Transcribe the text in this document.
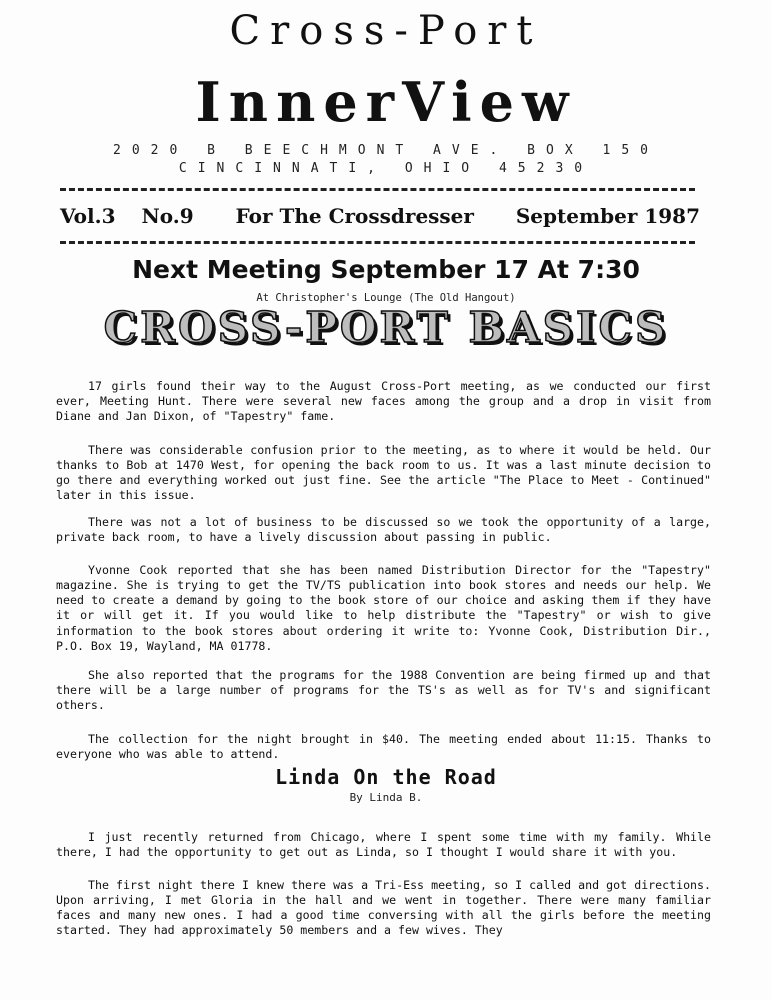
Cross-Port
InnerView
2020 B BEECHMONT AVE. BOX 150
CINCINNATI, OHIO 45230
Vol.3 No.9 For The Crossdresser September 1987
Next Meeting September 17 At 7:30
At Christopher's Lounge (The Old Hangout)
CROSS-PORT BASICS

17 girls found their way to the August Cross-Port meeting, as we conducted our first ever, Meeting Hunt. There were several new faces among the group and a drop in visit from Diane and Jan Dixon, of "Tapestry" fame.

There was considerable confusion prior to the meeting, as to where it would be held. Our thanks to Bob at 1470 West, for opening the back room to us. It was a last minute decision to go there and everything worked out just fine. See the article "The Place to Meet - Continued" later in this issue.

There was not a lot of business to be discussed so we took the opportunity of a large, private back room, to have a lively discussion about passing in public.

Yvonne Cook reported that she has been named Distribution Director for the "Tapestry" magazine. She is trying to get the TV/TS publication into book stores and needs our help. We need to create a demand by going to the book store of our choice and asking them if they have it or will get it. If you would like to help distribute the "Tapestry" or wish to give information to the book stores about ordering it write to: Yvonne Cook, Distribution Dir., P.O. Box 19, Wayland, MA 01778.

She also reported that the programs for the 1988 Convention are being firmed up and that there will be a large number of programs for the TS's as well as for TV's and significant others.

The collection for the night brought in $40. The meeting ended about 11:15. Thanks to everyone who was able to attend.

Linda On the Road
By Linda B.

I just recently returned from Chicago, where I spent some time with my family. While there, I had the opportunity to get out as Linda, so I thought I would share it with you.

The first night there I knew there was a Tri-Ess meeting, so I called and got directions. Upon arriving, I met Gloria in the hall and we went in together. There were many familiar faces and many new ones. I had a good time conversing with all the girls before the meeting started. They had approximately 50 members and a few wives. They
